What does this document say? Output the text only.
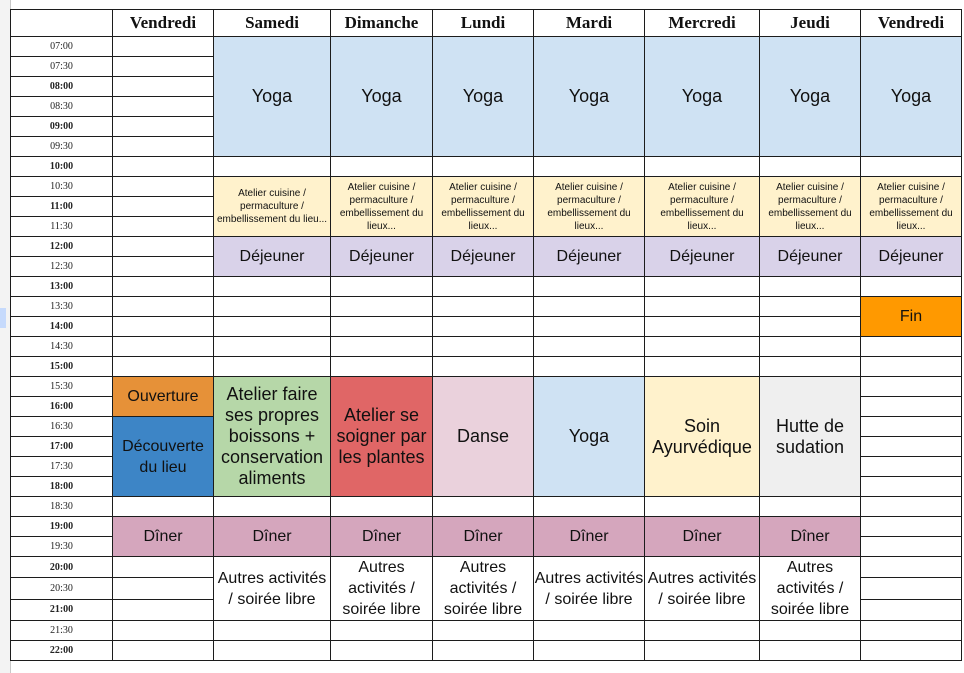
	Vendredi	Samedi	Dimanche	Lundi	Mardi	Mercredi	Jeudi	Vendredi
07:00		Yoga	Yoga	Yoga	Yoga	Yoga	Yoga	Yoga
07:30								
08:00								
08:30								
09:00								
09:30								
10:00								
10:30		Atelier cuisine / permaculture / embellissement du lieu...	Atelier cuisine / permaculture / embellissement du lieux...	Atelier cuisine / permaculture / embellissement du lieux...	Atelier cuisine / permaculture / embellissement du lieux...	Atelier cuisine / permaculture / embellissement du lieux...	Atelier cuisine / permaculture / embellissement du lieux...	Atelier cuisine / permaculture / embellissement du lieux...
11:00								
11:30								
12:00		Déjeuner	Déjeuner	Déjeuner	Déjeuner	Déjeuner	Déjeuner	Déjeuner
12:30								
13:00								
13:30								Fin
14:00								
14:30								
15:00								
15:30	Ouverture	Atelier faire ses propres boissons + conservation aliments	Atelier se soigner par les plantes	Danse	Yoga	Soin Ayurvédique	Hutte de sudation	
16:00								
16:30	Découverte du lieu							
17:00								
17:30								
18:00								
18:30								
19:00	Dîner	Dîner	Dîner	Dîner	Dîner	Dîner	Dîner	
19:30								
20:00		Autres activités / soirée libre	Autres activités / soirée libre	Autres activités / soirée libre	Autres activités / soirée libre	Autres activités / soirée libre	Autres activités / soirée libre	
20:30								
21:00								
21:30								
22:00								
